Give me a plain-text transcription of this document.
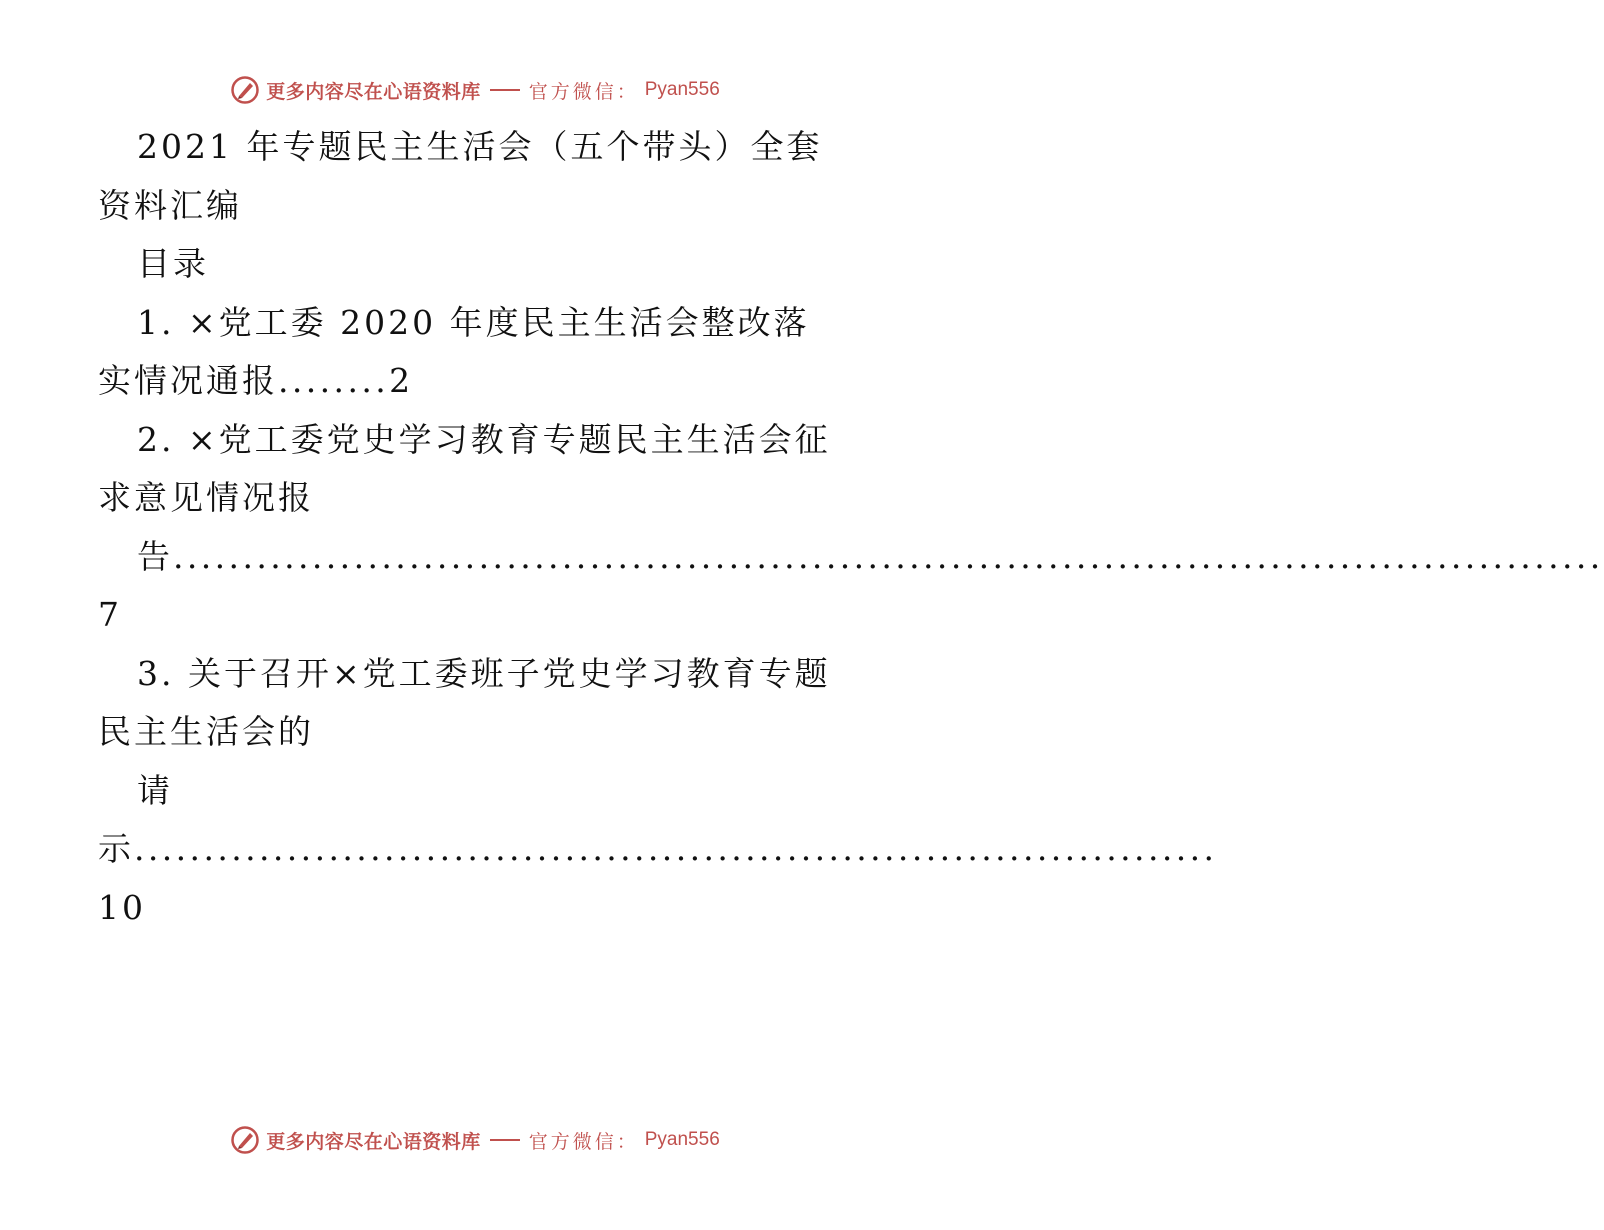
更多内容尽在心语资料库	官方微信： Pyan556

2021 年专题民主生活会（五个带头）全套资料汇编

目录

1. ×党工委 2020 年度民主生活会整改落实情况通报........2

2. ×党工委党史学习教育专题民主生活会征求意见情况报

告.......................................................................................................7

3. 关于召开×党工委班子党史学习教育专题民主生活会的

请

示..............................................................................10

更多内容尽在心语资料库	官方微信： Pyan556
